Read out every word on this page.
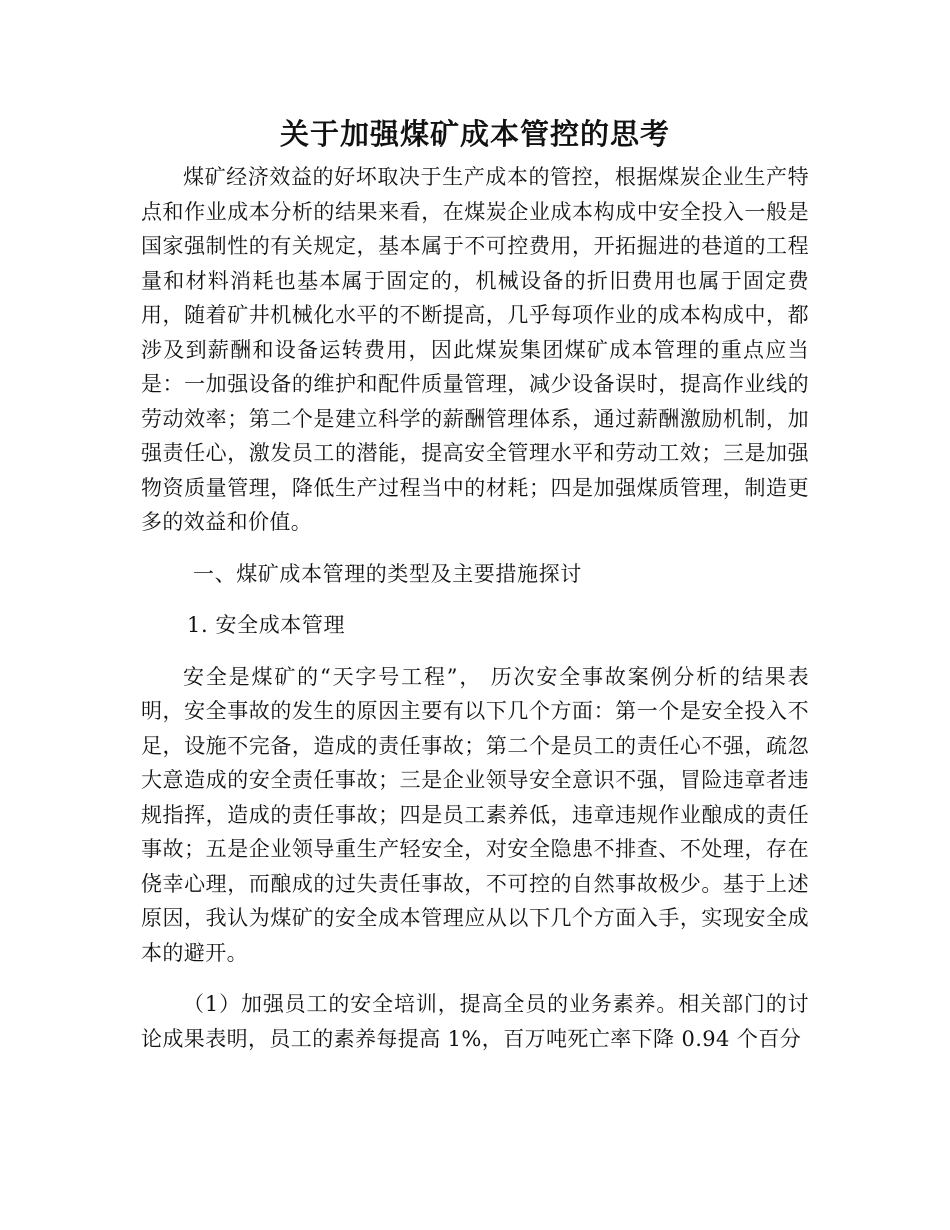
关于加强煤矿成本管控的思考

煤矿经济效益的好坏取决于生产成本的管控，根据煤炭企业生产特点和作业成本分析的结果来看，在煤炭企业成本构成中安全投入一般是国家强制性的有关规定，基本属于不可控费用，开拓掘进的巷道的工程量和材料消耗也基本属于固定的，机械设备的折旧费用也属于固定费用，随着矿井机械化水平的不断提高，几乎每项作业的成本构成中，都涉及到薪酬和设备运转费用，因此煤炭集团煤矿成本管理的重点应当是：一加强设备的维护和配件质量管理，减少设备误时，提高作业线的劳动效率；第二个是建立科学的薪酬管理体系，通过薪酬激励机制，加强责任心，激发员工的潜能，提高安全管理水平和劳动工效；三是加强物资质量管理，降低生产过程当中的材耗；四是加强煤质管理，制造更多的效益和价值。

一、煤矿成本管理的类型及主要措施探讨

1. 安全成本管理

安全是煤矿的“天字号工程”， 历次安全事故案例分析的结果表明，安全事故的发生的原因主要有以下几个方面：第一个是安全投入不足，设施不完备，造成的责任事故；第二个是员工的责任心不强，疏忽大意造成的安全责任事故；三是企业领导安全意识不强，冒险违章者违规指挥，造成的责任事故；四是员工素养低，违章违规作业酿成的责任事故；五是企业领导重生产轻安全，对安全隐患不排查、不处理，存在侥幸心理，而酿成的过失责任事故，不可控的自然事故极少。基于上述原因，我认为煤矿的安全成本管理应从以下几个方面入手，实现安全成本的避开。

（1）加强员工的安全培训，提高全员的业务素养。相关部门的讨论成果表明，员工的素养每提高 1%，百万吨死亡率下降 0.94 个百分
